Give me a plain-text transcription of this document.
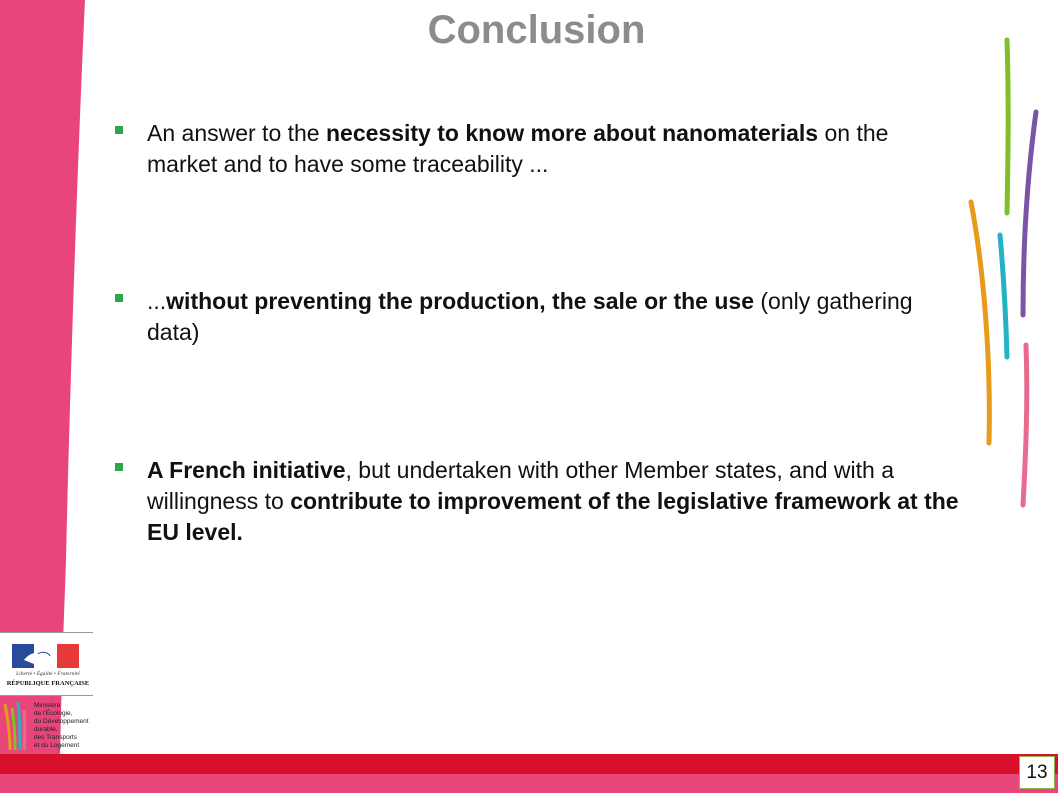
Conclusion
An answer to the necessity to know more about nanomaterials on the market and to have some traceability ...
...without preventing the production, the sale or the use (only gathering data)
A French initiative, but undertaken with other Member states, and with a willingness to contribute to improvement of the legislative framework at the EU level.
Liberté • Égalité • Fraternité
RÉPUBLIQUE FRANÇAISE
Ministère
de l'Écologie,
du Développement
durable,
des Transports
et du Logement
13
